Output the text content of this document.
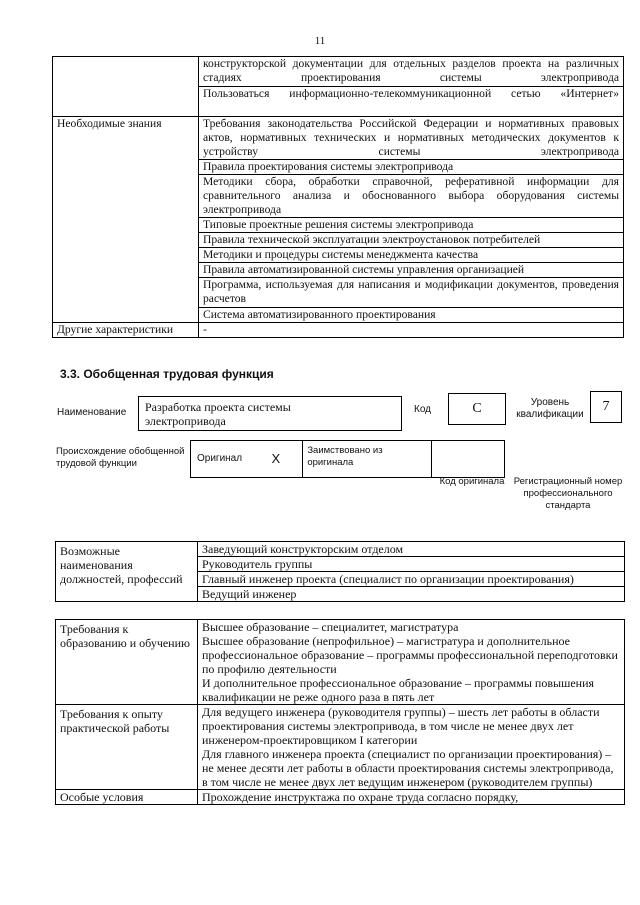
11
	конструкторской документации для отдельных разделов проекта на различных стадиях проектирования системы электропривода
	Пользоваться информационно-телекоммуникационной сетью «Интернет»
Необходимые знания	Требования законодательства Российской Федерации и нормативных правовых актов, нормативных технических и нормативных методических документов к устройству системы электропривода
	Правила проектирования системы электропривода
	Методики сбора, обработки справочной, реферативной информации для сравнительного анализа и обоснованного выбора оборудования системы электропривода
	Типовые проектные решения системы электропривода
	Правила технической эксплуатации электроустановок потребителей
	Методики и процедуры системы менеджмента качества
	Правила автоматизированной системы управления организацией
	Программа, используемая для написания и модификации документов, проведения расчетов
	Система автоматизированного проектирования
Другие характеристики	-
3.3. Обобщенная трудовая функция
Наименование	Разработка проекта системы электропривода
Код	C	Уровень квалификации
7
Происхождение обобщенной трудовой функции	Оригинал	X	Заимствовано из оригинала		
Код оригинала Регистрационный номер профессионального стандарта
Возможные наименования должностей, профессий	Заведующий конструкторским отделом
Руководитель группы
Главный инженер проекта (специалист по организации проектирования)
Ведущий инженер
Требования к образованию и обучению	Высшее образование – специалитет, магистратура
Высшее образование (непрофильное) – магистратура и дополнительное профессиональное образование – программы профессиональной переподготовки по профилю деятельности
И дополнительное профессиональное образование – программы повышения квалификации не реже одного раза в пять лет

Требования к опыту практической работы	Для ведущего инженера (руководителя группы) – шесть лет работы в области проектирования системы электропривода, в том числе не менее двух лет инженером-проектировщиком I категории
Для главного инженера проекта (специалист по организации проектирования) – не менее десяти лет работы в области проектирования системы электропривода, в том числе не менее двух лет ведущим инженером (руководителем группы)

Особые условия	Прохождение инструктажа по охране труда согласно порядку,
